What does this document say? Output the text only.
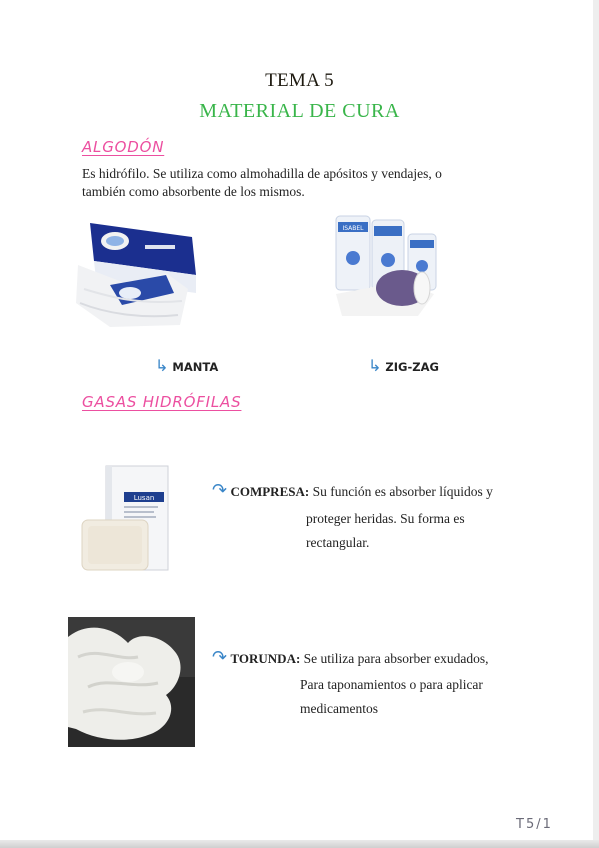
TEMA 5
MATERIAL DE CURA
ALGODÓN
Es hidrófilo. Se utiliza como almohadilla de apósitos y vendajes, o
también como absorbente de los mismos.
ISABEL
↳ MANTA	↳ ZIG-ZAG
GASAS HIDRÓFILAS
Lusan	↷ COMPRESA: Su función es absorber líquidos y
proteger heridas. Su forma es
rectangular.
↷ TORUNDA: Se utiliza para absorber exudados,
Para taponamientos o para aplicar
medicamentos
T5/1
